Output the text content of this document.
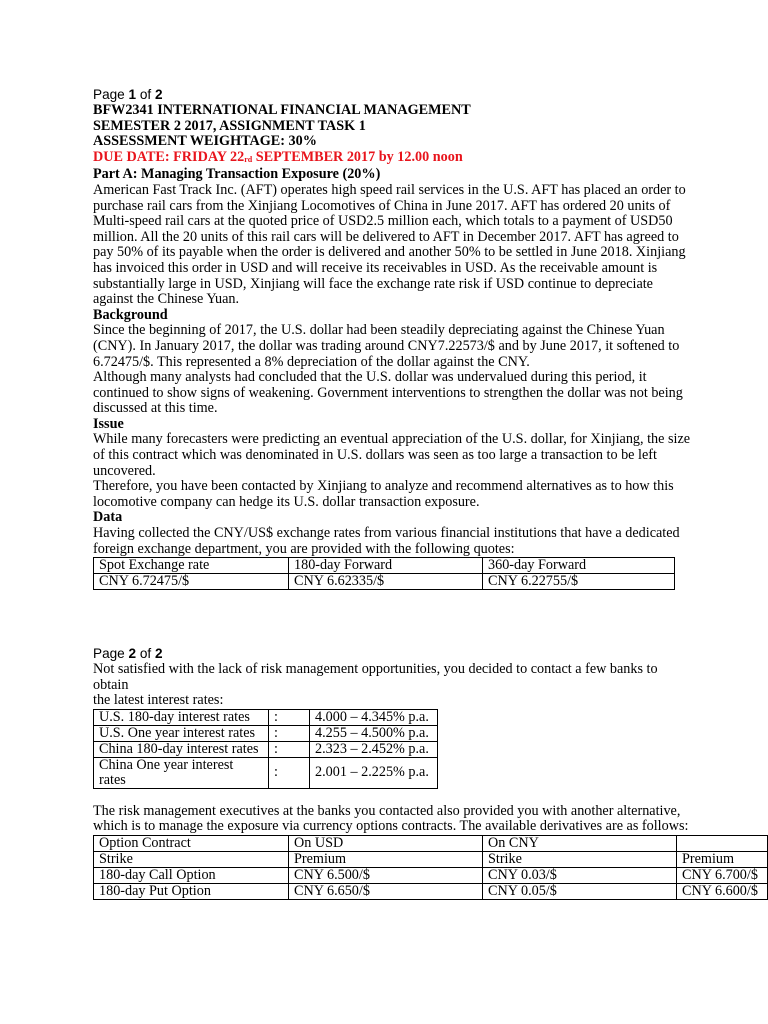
Page 1 of 2

BFW2341 INTERNATIONAL FINANCIAL MANAGEMENT

SEMESTER 2 2017, ASSIGNMENT TASK 1

ASSESSMENT WEIGHTAGE: 30%

DUE DATE: FRIDAY $22_{rd}$ SEPTEMBER 2017 by 12.00 noon

Part A: Managing Transaction Exposure (20%)

American Fast Track Inc. (AFT) operates high speed rail services in the U.S. AFT has placed an order to purchase rail cars from the Xinjiang Locomotives of China in June 2017. AFT has ordered 20 units of Multi-speed rail cars at the quoted price of USD2.5 million each, which totals to a payment of USD50 million. All the 20 units of this rail cars will be delivered to AFT in December 2017. AFT has agreed to pay 50% of its payable when the order is delivered and another 50% to be settled in June 2018. Xinjiang has invoiced this order in USD and will receive its receivables in USD. As the receivable amount is substantially large in USD, Xinjiang will face the exchange rate risk if USD continue to depreciate against the Chinese Yuan.

Background

Since the beginning of 2017, the U.S. dollar had been steadily depreciating against the Chinese Yuan (CNY). In January 2017, the dollar was trading around CNY7.22573/$ and by June 2017, it softened to 6.72475/$. This represented a 8% depreciation of the dollar against the CNY.

Although many analysts had concluded that the U.S. dollar was undervalued during this period, it continued to show signs of weakening. Government interventions to strengthen the dollar was not being discussed at this time.

Issue

While many forecasters were predicting an eventual appreciation of the U.S. dollar, for Xinjiang, the size

of this contract which was denominated in U.S. dollars was seen as too large a transaction to be left uncovered.

Therefore, you have been contacted by Xinjiang to analyze and recommend alternatives as to how this locomotive company can hedge its U.S. dollar transaction exposure.

Data

Having collected the CNY/US$ exchange rates from various financial institutions that have a dedicated

foreign exchange department, you are provided with the following quotes:

Spot Exchange rate	180-day Forward	360-day Forward
CNY 6.72475/$	CNY 6.62335/$	CNY 6.22755/$
Page 2 of 2

Not satisfied with the lack of risk management opportunities, you decided to contact a few banks to obtain

the latest interest rates:

U.S. 180-day interest rates	:	4.000 – 4.345% p.a.
U.S. One year interest rates	:	4.255 – 4.500% p.a.
China 180-day interest rates	:	2.323 – 2.452% p.a.
China One year interest rates	:	2.001 – 2.225% p.a.

The risk management executives at the banks you contacted also provided you with another alternative,

which is to manage the exposure via currency options contracts. The available derivatives are as follows:

Option Contract	On USD	On CNY	
Strike	Premium	Strike	Premium
180-day Call Option	CNY 6.500/$	CNY 0.03/$	CNY 6.700/$
180-day Put Option	CNY 6.650/$	CNY 0.05/$	CNY 6.600/$
